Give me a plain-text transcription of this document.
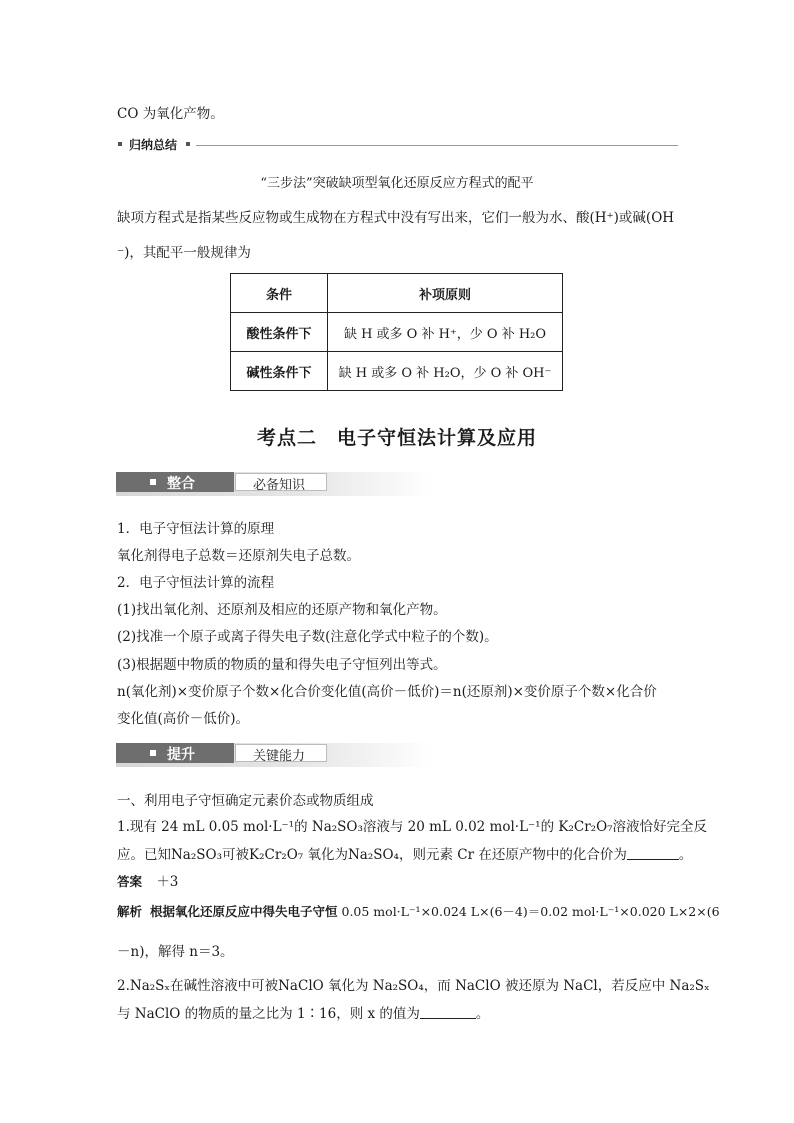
CO 为氧化产物。
归纳总结
“三步法”突破缺项型氧化还原反应方程式的配平
缺项方程式是指某些反应物或生成物在方程式中没有写出来，它们一般为水、酸(H⁺)或碱(OH
⁻)，其配平一般规律为
条件	补项原则
酸性条件下	缺 H 或多 O 补 H⁺，少 O 补 H₂O
碱性条件下	缺 H 或多 O 补 H₂O，少 O 补 OH⁻
考点二　电子守恒法计算及应用
整合	必备知识
1．电子守恒法计算的原理
氧化剂得电子总数＝还原剂失电子总数。
2．电子守恒法计算的流程
(1)找出氧化剂、还原剂及相应的还原产物和氧化产物。
(2)找准一个原子或离子得失电子数(注意化学式中粒子的个数)。
(3)根据题中物质的物质的量和得失电子守恒列出等式。
n(氧化剂)×变价原子个数×化合价变化值(高价－低价)＝n(还原剂)×变价原子个数×化合价
变化值(高价－低价)。
提升	关键能力
一、利用电子守恒确定元素价态或物质组成
1.现有 24 mL 0.05 mol·L⁻¹的 Na₂SO₃溶液与 20 mL 0.02 mol·L⁻¹的 K₂Cr₂O₇溶液恰好完全反
应。已知Na₂SO₃可被K₂Cr₂O₇ 氧化为Na₂SO₄，则元素 Cr 在还原产物中的化合价为	。
答案 ＋3
解析 根据氧化还原反应中得失电子守恒 0.05 mol·L⁻¹×0.024 L×(6－4)＝0.02 mol·L⁻¹×0.020 L×2×(6
－n)，解得 n＝3。
2.Na₂Sₓ在碱性溶液中可被NaClO 氧化为 Na₂SO₄，而 NaClO 被还原为 NaCl，若反应中 Na₂Sₓ
与 NaClO 的物质的量之比为 1∶16，则 x 的值为	。
